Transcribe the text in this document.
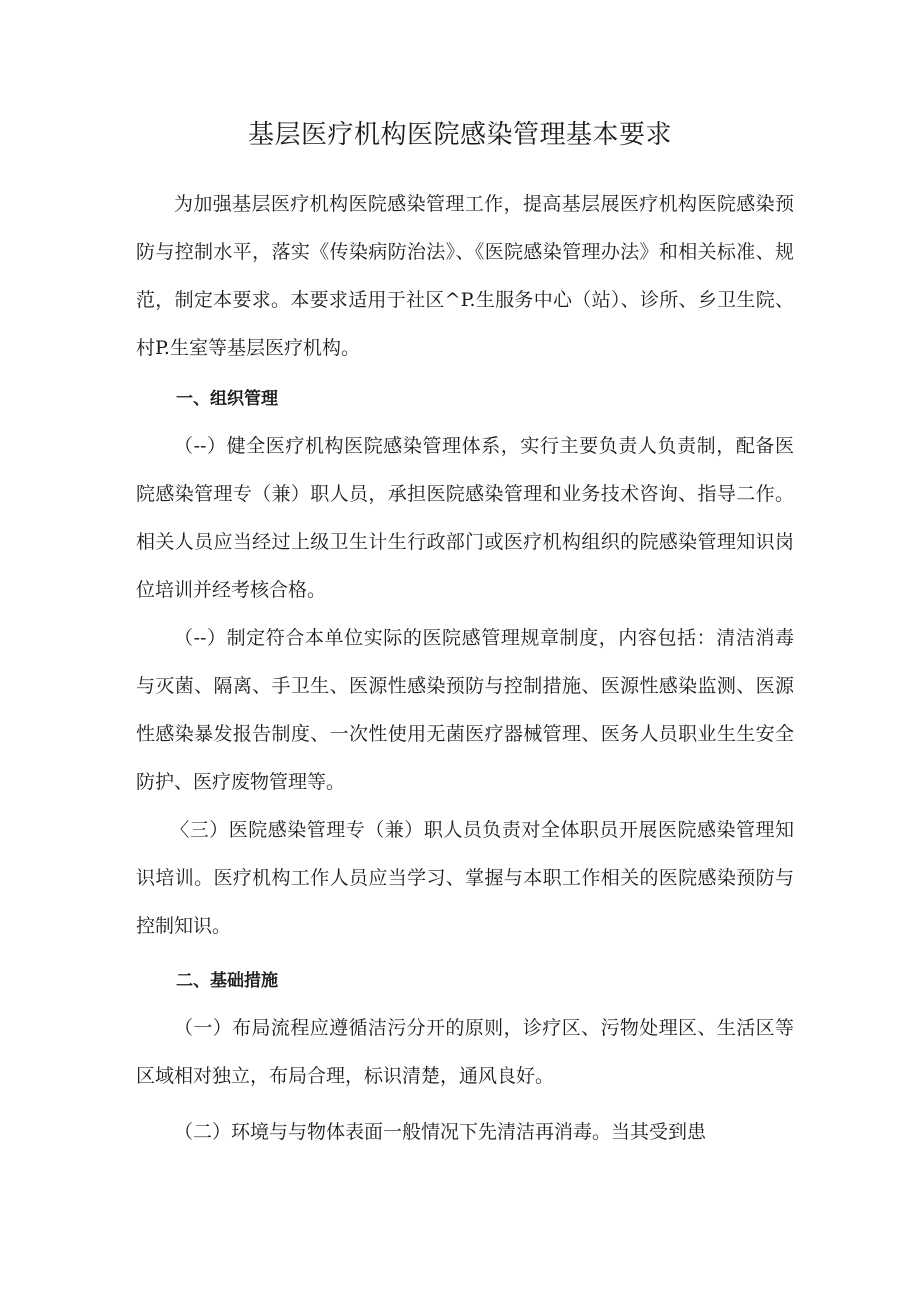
基层医疗机构医院感染管理基本要求

为加强基层医疗机构医院感染管理工作，提高基层展医疗机构医院感染预防与控制水平，落实《传染病防治法》、《医院感染管理办法》和相关标准、规范，制定本要求。本要求适用于社区^P.生服务中心（站）、诊所、乡卫生院、村P.生室等基层医疗机构。

一、组织管理

（--）健全医疗机构医院感染管理体系，实行主要负责人负责制，配备医院感染管理专（兼）职人员，承担医院感染管理和业务技术咨询、指导二作。相关人员应当经过上级卫生计生行政部门或医疗机构组织的院感染管理知识岗位培训并经考核合格。

（--）制定符合本单位实际的医院感管理规章制度，内容包括：清洁消毒与灭菌、隔离、手卫生、医源性感染预防与控制措施、医源性感染监测、医源性感染暴发报告制度、一次性使用无菌医疗器械管理、医务人员职业生生安全防护、医疗废物管理等。

〈三）医院感染管理专（兼）职人员负责对全体职员开展医院感染管理知识培训。医疗机构工作人员应当学习、掌握与本职工作相关的医院感染预防与控制知识。

二、基础措施

（一）布局流程应遵循洁污分开的原则，诊疗区、污物处理区、生活区等区域相对独立，布局合理，标识清楚，通风良好。

（二）环境与与物体表面一般情况下先清洁再消毒。当其受到患
